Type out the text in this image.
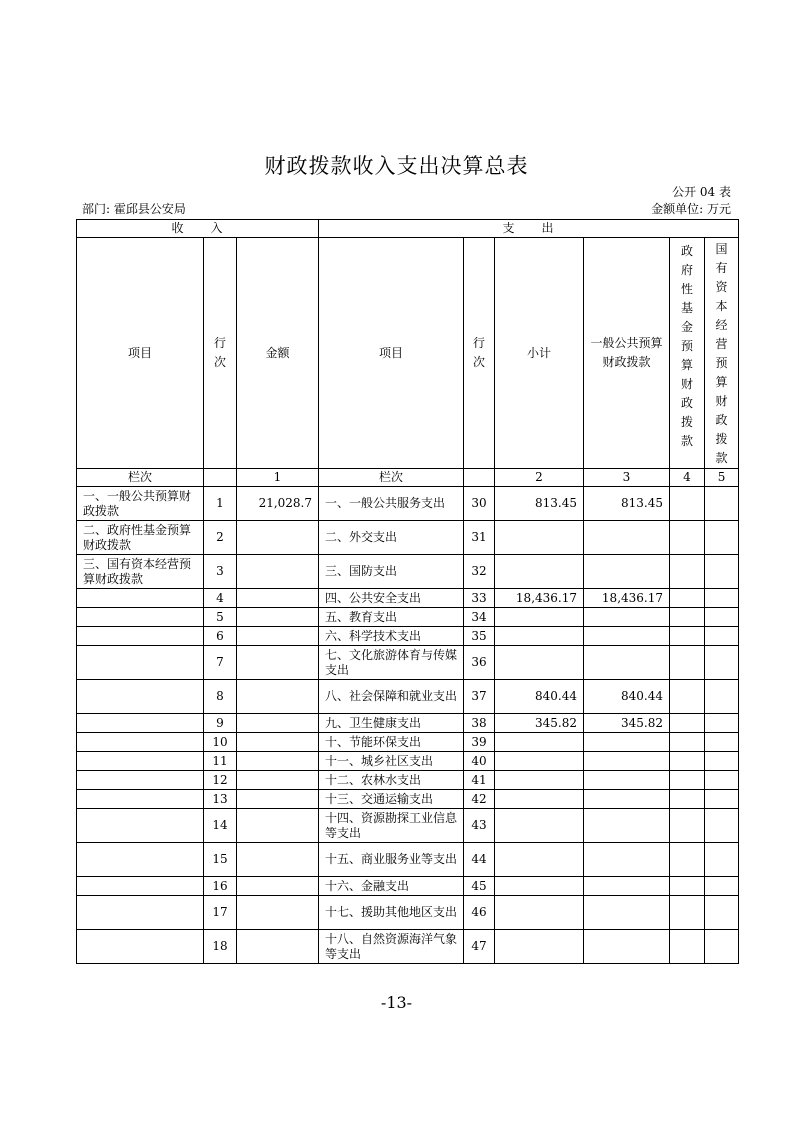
财政拨款收入支出决算总表
公开 04 表
部门: 霍邱县公安局	金额单位: 万元
收　　入			支　　出					
项目	行次	金额	项目	行次	小计	一般公共预算财政拨款	政府性基金预算财政拨款	国有资本经营预算财政拨款
栏次		1	栏次		2	3	4	5
一、一般公共预算财政拨款	1	21,028.7	一、一般公共服务支出	30	813.45	813.45		
二、政府性基金预算财政拨款	2		二、外交支出	31				
三、国有资本经营预算财政拨款	3		三、国防支出	32				
	4		四、公共安全支出	33	18,436.17	18,436.17		
	5		五、教育支出	34				
	6		六、科学技术支出	35				
	7		七、文化旅游体育与传媒支出	36				
	8		八、社会保障和就业支出	37	840.44	840.44		
	9		九、卫生健康支出	38	345.82	345.82		
	10		十、节能环保支出	39				
	11		十一、城乡社区支出	40				
	12		十二、农林水支出	41				
	13		十三、交通运输支出	42				
	14		十四、资源勘探工业信息等支出	43				
	15		十五、商业服务业等支出	44				
	16		十六、金融支出	45				
	17		十七、援助其他地区支出	46				
	18		十八、自然资源海洋气象等支出	47				
-13-
